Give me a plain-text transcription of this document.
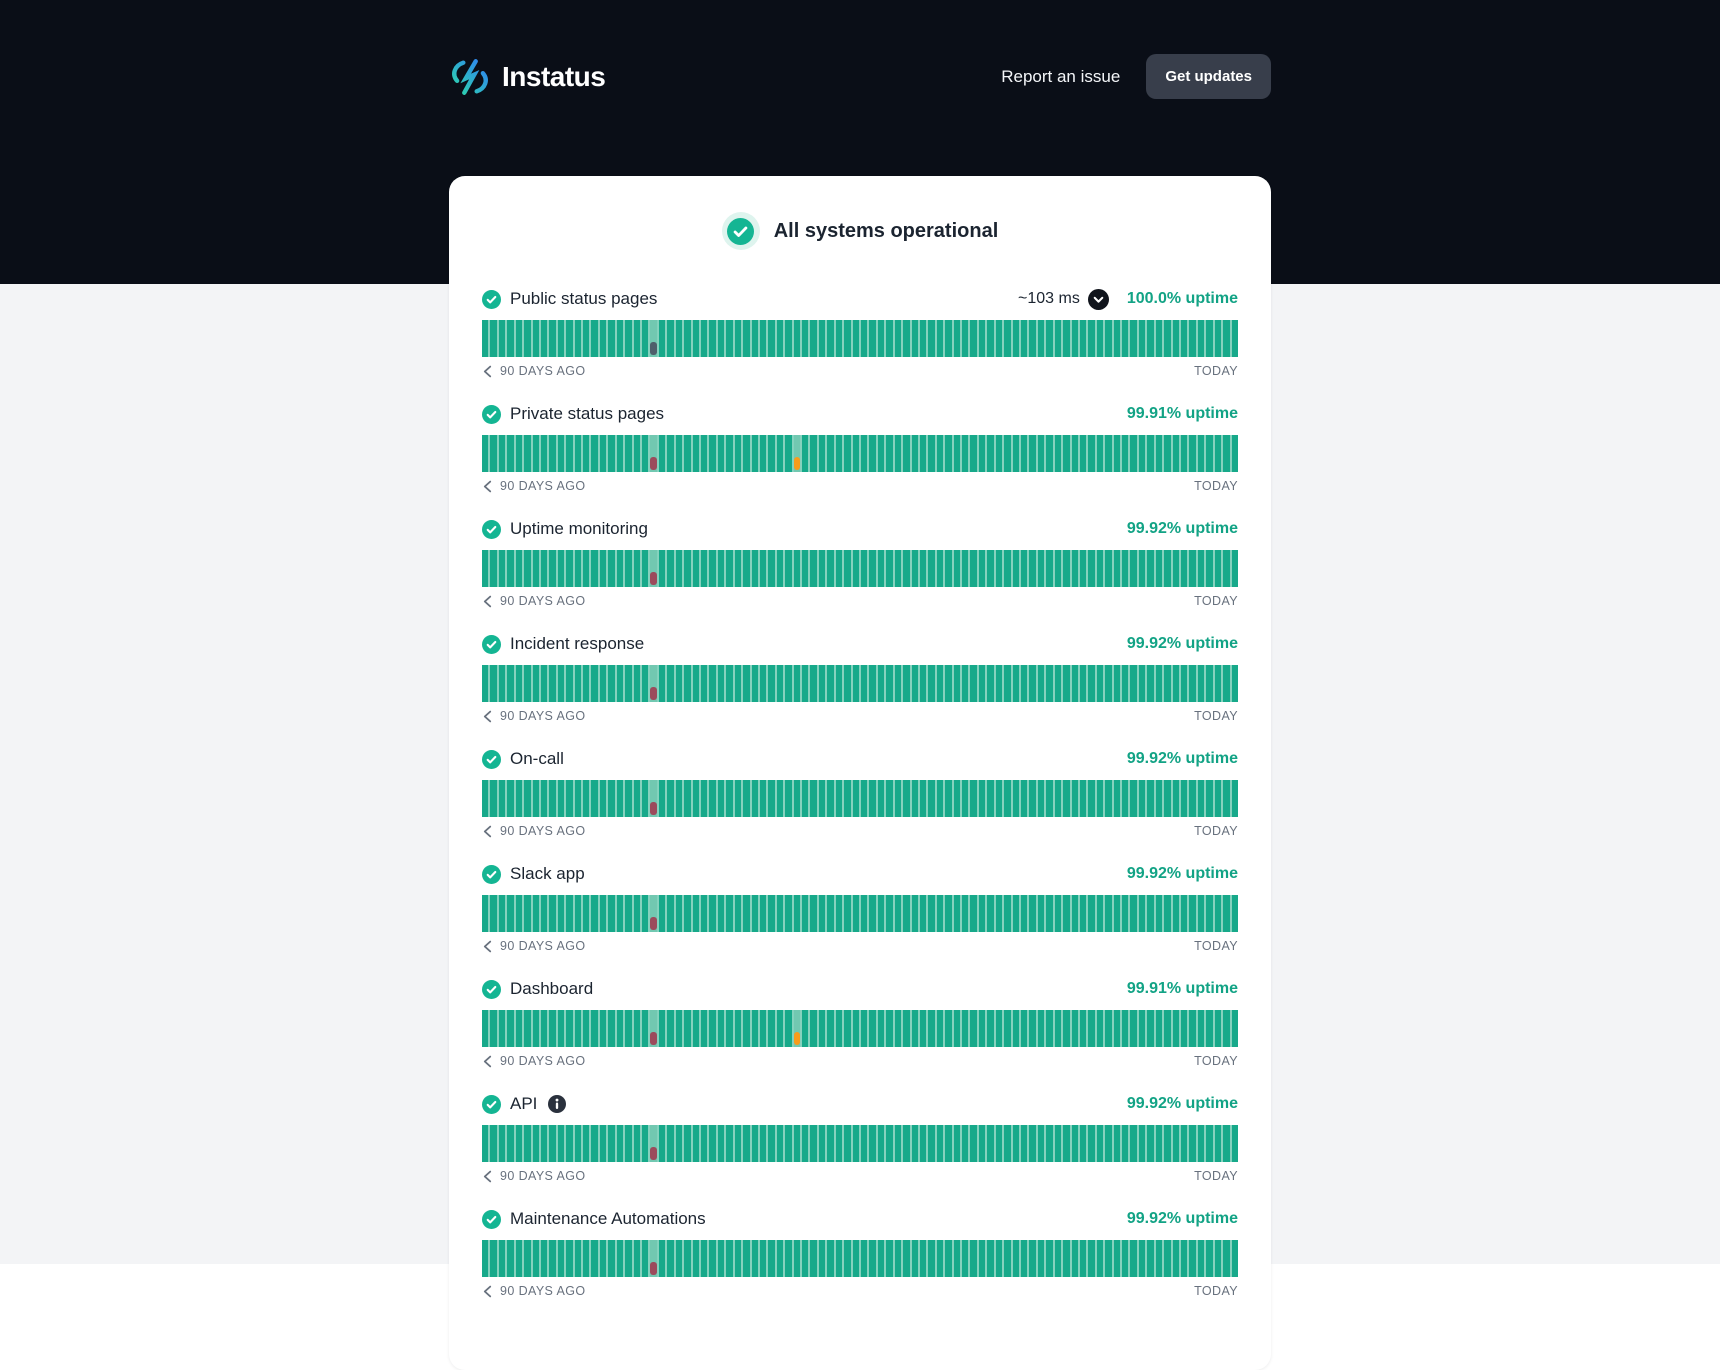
Instatus	Report an issue	Get updates
All systems operational
Public status pages	~103 ms	100.0% uptime
90 DAYS AGO	TODAY
Private status pages	99.91% uptime
90 DAYS AGO	TODAY
Uptime monitoring	99.92% uptime
90 DAYS AGO	TODAY
Incident response	99.92% uptime
90 DAYS AGO	TODAY
On-call	99.92% uptime
90 DAYS AGO	TODAY
Slack app	99.92% uptime
90 DAYS AGO	TODAY
Dashboard	99.91% uptime
90 DAYS AGO	TODAY
API	99.92% uptime
90 DAYS AGO	TODAY
Maintenance Automations	99.92% uptime
90 DAYS AGO	TODAY
